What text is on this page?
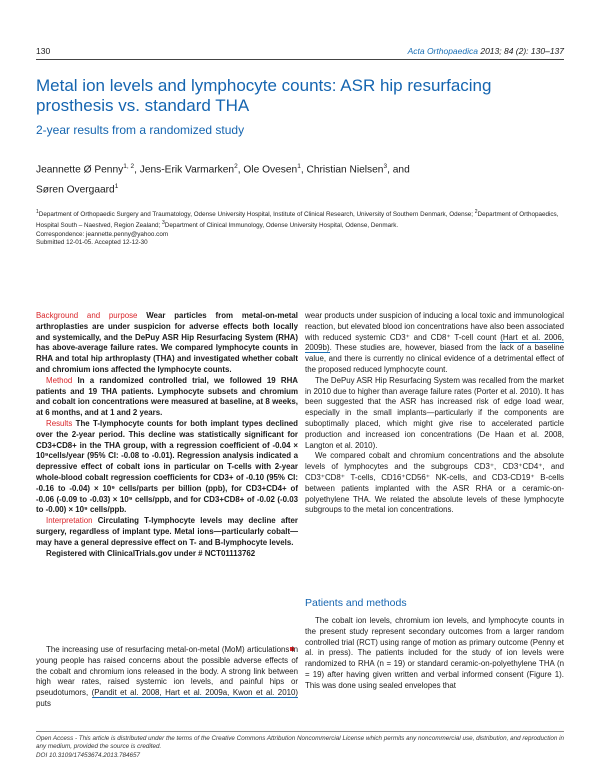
130	Acta Orthopaedica 2013; 84 (2): 130–137
Metal ion levels and lymphocyte counts: ASR hip resurfacing prosthesis vs. standard THA
2-year results from a randomized study
Jeannette Ø Penny$^{1, 2}$, Jens-Erik Varmarken$^2$, Ole Ovesen$^1$, Christian Nielsen$^3$, and
Søren Overgaard$^1$
$^1$Department of Orthopaedic Surgery and Traumatology, Odense University Hospital, Institute of Clinical Research, University of Southern Denmark, Odense; $^2$Department of Orthopaedics, Hospital South – Naestved, Region Zealand; $^3$Department of Clinical Immunology, Odense University Hospital, Odense, Denmark.
Correspondence: jeannette.penny@yahoo.com
Submitted 12-01-05. Accepted 12-12-30

Background and purpose Wear particles from metal-on-metal arthroplasties are under suspicion for adverse effects both locally and systemically, and the DePuy ASR Hip Resurfacing System (RHA) has above-average failure rates. We compared lymphocyte counts in RHA and total hip arthroplasty (THA) and investigated whether cobalt and chromium ions affected the lymphocyte counts.

Method In a randomized controlled trial, we followed 19 RHA patients and 19 THA patients. Lymphocyte subsets and chromium and cobalt ion concentrations were measured at baseline, at 8 weeks, at 6 months, and at 1 and 2 years.

Results The T-lymphocyte counts for both implant types declined over the 2-year period. This decline was statistically significant for CD3+CD8+ in the THA group, with a regression coefficient of -0.04 × 10⁹cells/year (95% CI: -0.08 to -0.01). Regression analysis indicated a depressive effect of cobalt ions in particular on T-cells with 2-year whole-blood cobalt regression coefficients for CD3+ of -0.10 (95% CI: -0.16 to -0.04) × 10⁹ cells/parts per billion (ppb), for CD3+CD4+ of -0.06 (-0.09 to -0.03) × 10⁹ cells/ppb, and for CD3+CD8+ of -0.02 (-0.03 to -0.00) × 10⁹ cells/ppb.

Interpretation Circulating T-lymphocyte levels may decline after surgery, regardless of implant type. Metal ions—particularly cobalt—may have a general depressive effect on T- and B-lymphocyte levels.

Registered with ClinicalTrials.gov under # NCT01113762

The increasing use of resurfacing metal-on-metal (MoM) articulations in young people has raised concerns about the possible adverse effects of the cobalt and chromium ions released in the body. A strong link between high wear rates, raised systemic ion levels, and painful hips or pseudotumors, (Pandit et al. 2008, Hart et al. 2009a, Kwon et al. 2010) puts

wear products under suspicion of inducing a local toxic and immunological reaction, but elevated blood ion concentrations have also been associated with reduced systemic CD3⁺ and CD8⁺ T-cell count (Hart et al. 2006, 2009b). These studies are, however, biased from the lack of a baseline value, and there is currently no clinical evidence of a detrimental effect of the proposed reduced lymphocyte count.

The DePuy ASR Hip Resurfacing System was recalled from the market in 2010 due to higher than average failure rates (Porter et al. 2010). It has been suggested that the ASR has increased risk of edge load wear, especially in the small implants—particularly if the components are suboptimally placed, which might give rise to accelerated particle production and increased ion concentrations (De Haan et al. 2008, Langton et al. 2010).

We compared cobalt and chromium concentrations and the absolute levels of lymphocytes and the subgroups CD3⁺, CD3⁺CD4⁺, and CD3⁺CD8⁺ T-cells, CD16⁺CD56⁺ NK-cells, and CD3-CD19⁺ B-cells between patients implanted with the ASR RHA or a ceramic-on-polyethylene THA. We related the absolute levels of these lymphocyte subgroups to the metal ion concentrations.

Patients and methods

The cobalt ion levels, chromium ion levels, and lymphocyte counts in the present study represent secondary outcomes from a larger random controlled trial (RCT) using range of motion as primary outcome (Penny et al. in press). The patients included for the study of ion levels were randomized to RHA (n = 19) or standard ceramic-on-polyethylene THA (n = 19) after having given written and verbal informed consent (Figure 1). This was done using sealed envelopes that

Open Access - This article is distributed under the terms of the Creative Commons Attribution Noncommercial License which permits any noncommercial use, distribution, and reproduction in any medium, provided the source is credited.

DOI 10.3109/17453674.2013.784657
